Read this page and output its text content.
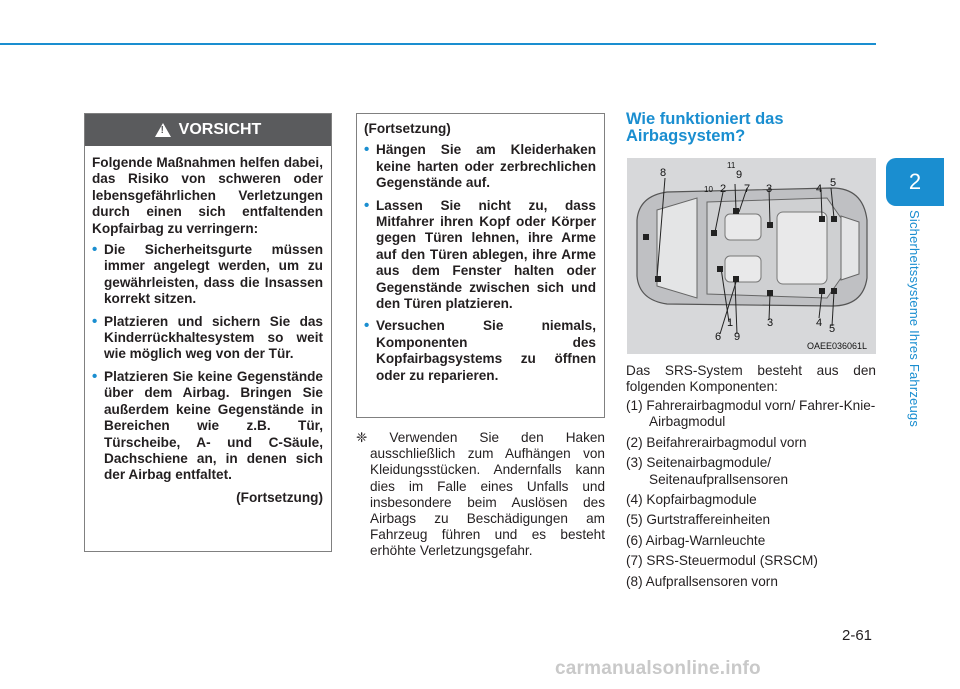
2
Sicherheitssysteme Ihres Fahrzeugs
!
VORSICHT

Folgende Maßnahmen helfen dabei, das Risiko von schweren oder lebensgefährlichen Verletzungen durch einen sich entfaltenden Kopfairbag zu verringern:

• Die Sicherheitsgurte müssen immer angelegt werden, um zu gewährleisten, dass die Insassen korrekt sitzen.
• Platzieren und sichern Sie das Kinderrückhaltesystem so weit wie möglich weg von der Tür.
• Platzieren Sie keine Gegenstände über dem Airbag. Bringen Sie außerdem keine Gegenstände in Bereichen wie z.B. Tür, Türscheibe, A- und C-Säule, Dachschiene an, in denen sich der Airbag entfaltet.
(Fortsetzung)

(Fortsetzung)

• Hängen Sie am Kleiderhaken keine harten oder zerbrechlichen Gegenstände auf.
• Lassen Sie nicht zu, dass Mitfahrer ihren Kopf oder Körper gegen Türen lehnen, ihre Arme auf den Türen ablegen, ihre Arme aus dem Fenster halten oder Gegenstände zwischen sich und den Türen platzieren.
• Versuchen Sie niemals, Komponenten des Kopfairbagsystems zu öffnen oder zu reparieren.
❈ Verwenden Sie den Haken ausschließlich zum Aufhängen von Kleidungsstücken. Andernfalls kann dies im Falle eines Unfalls und insbesondere beim Auslösen des Airbags zu Beschädigungen am Fahrzeug führen und es besteht erhöhte Verletzungsgefahr.
Wie funktioniert das Airbagsystem?
8
11
9
2 7 3	4 5
10
1	3	4 5
6 9
OAEE036061L
Das SRS-System besteht aus den folgenden Komponenten:
(1) Fahrerairbagmodul vorn/ Fahrer-Knie-Airbagmodul
(2) Beifahrerairbagmodul vorn
(3) Seitenairbagmodule/ Seitenaufprallsensoren
(4) Kopfairbagmodule
(5) Gurtstraffereinheiten
(6) Airbag-Warnleuchte
(7) SRS-Steuermodul (SRSCM)
(8) Aufprallsensoren vorn
2-61
carmanualsonline.info
